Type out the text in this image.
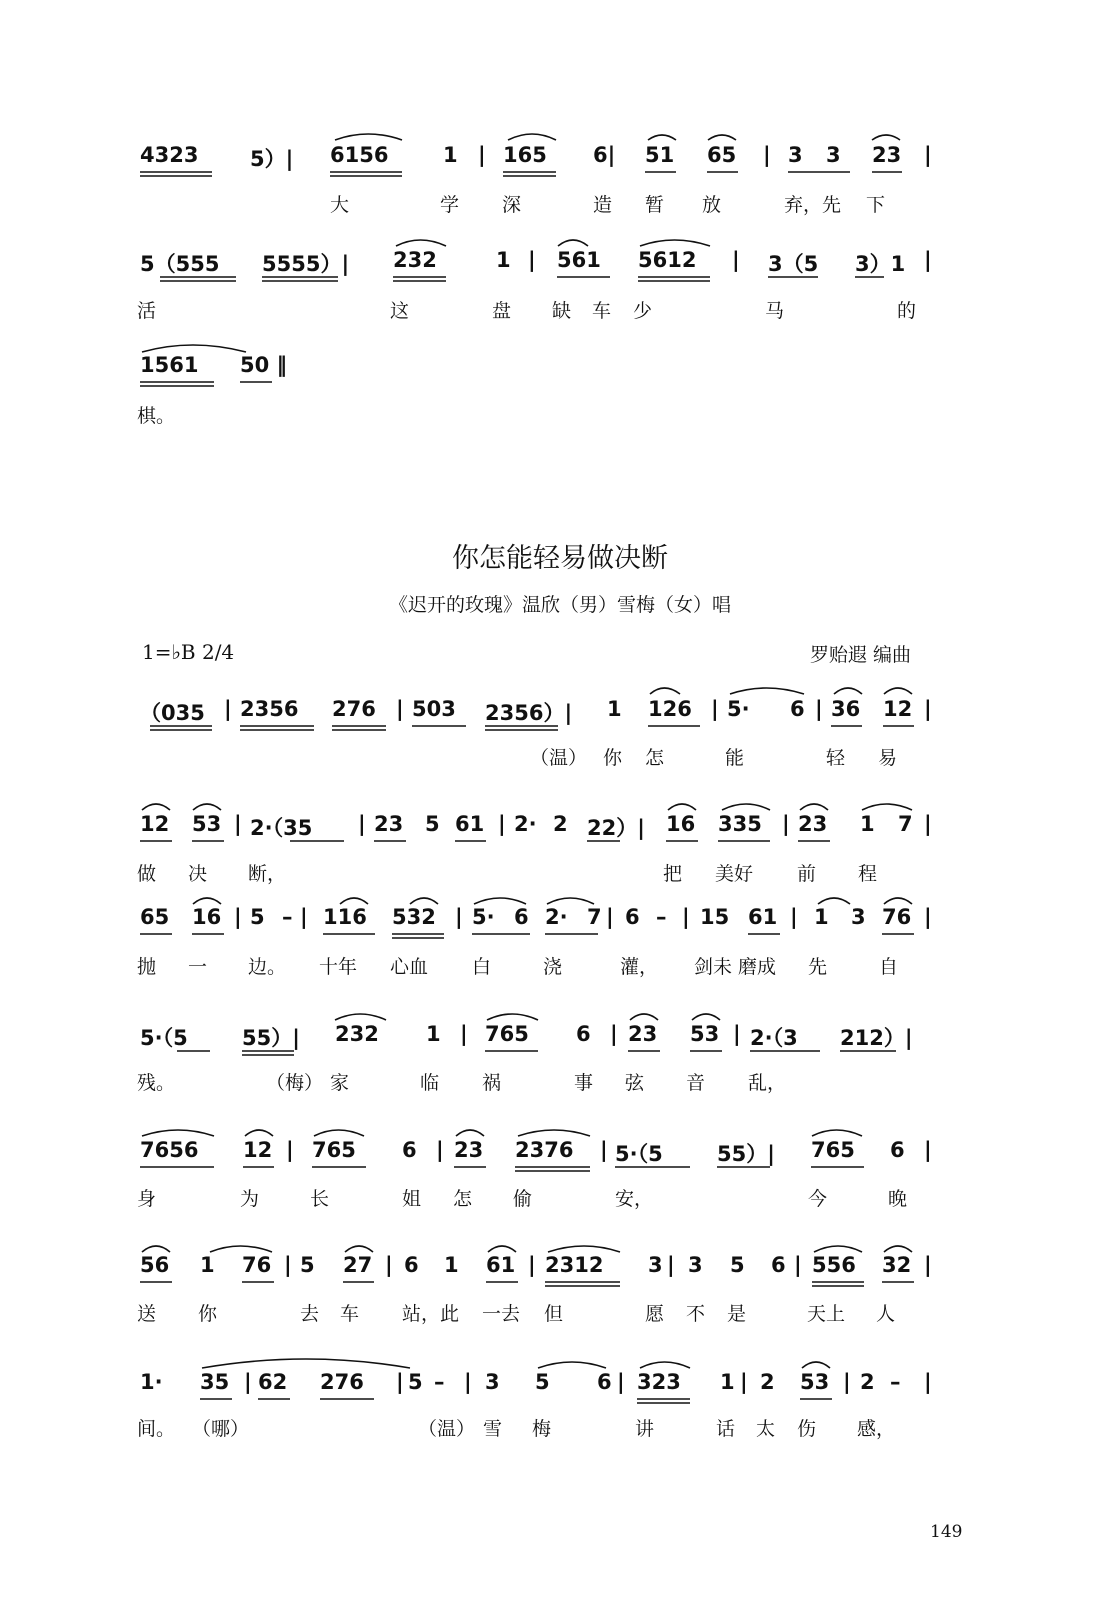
4323 5）| 6156	1 | 165 6| 51 65 | 3 3 23 |
大	学 深	造 暂 放	弃，先 下
5（555 5555）| 232	1 | 561 5612 | 3（5 3）1 |
活	这	盘 缺 车 少	马	的
1561 50 ‖
棋。
你怎能轻易做决断
《迟开的玫瑰》温欣（男）雪梅（女）唱
1=♭B 2/4	罗贻遐 编曲
（035 | 2356 276 | 503 2356）| 1 126 | 5· 6 | 36 12 |
（温） 你 怎	能	轻 易
12 53 | 2·（35 | 23 5 61 | 2· 2 22）| 16 335 | 23 1 7 |
做 决 断，	把 美好 前 程
65 16 | 5 – | 116 532 | 5· 6 2· 7 | 6 – | 15 61 | 1 3 76 |
抛 一 边。 十年 心血 白	浇	灌， 剑未 磨成 先	自
5·（5	55）| 232 1 | 765 6 | 23 53 | 2·（3 212）|
残。	（梅） 家	临 祸	事 弦 音 乱，
7656 12 | 765 6 | 23 2376 | 5·（5	55）| 765 6 |
身	为	长	姐 怎 偷	安，	今	晚
56 1 76 | 5 27 | 6 1 61 | 2312 3 | 3 5 6 | 556 32 |
送 你	去 车 站，此 一去 但	愿 不 是	天上 人
1· 35 | 62 276 | 5 – | 3 5 6 | 323 1 | 2 53 | 2 – |
间。 （哪）	（温） 雪 梅	讲	话 太 伤 感，
149
